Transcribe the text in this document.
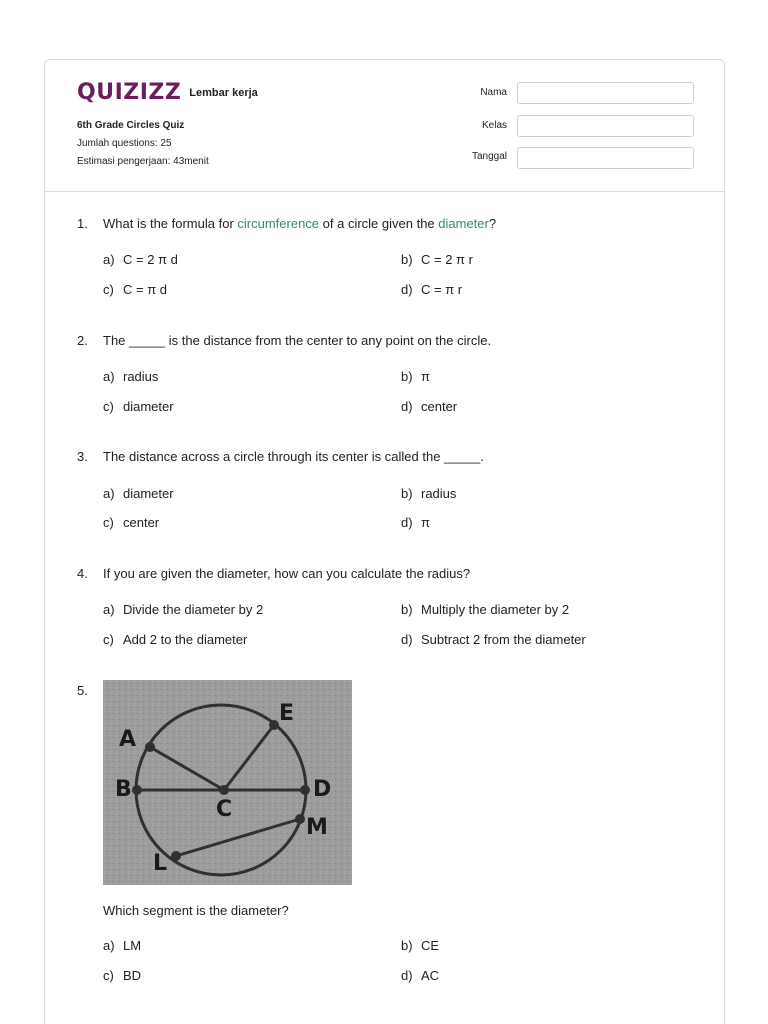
QUIZIZZ Lembar kerja
6th Grade Circles Quiz
Jumlah questions: 25
Estimasi pengerjaan: 43menit
Nama
Kelas
Tanggal
1. What is the formula for circumference of a circle given the diameter?
a) C = 2 π d	b) C = 2 π r
c) C = π d	d) C = π r
2. The _____ is the distance from the center to any point on the circle.
a) radius	b) π
c) diameter	d) center
3. The distance across a circle through its center is called the _____.
a) diameter	b) radius
c) center	d) π
4. If you are given the diameter, how can you calculate the radius?
a) Divide the diameter by 2	b) Multiply the diameter by 2
c) Add 2 to the diameter	d) Subtract 2 from the diameter
5.
A
B
C
D
E
L
M
Which segment is the diameter?
a) LM	b) CE
c) BD	d) AC
